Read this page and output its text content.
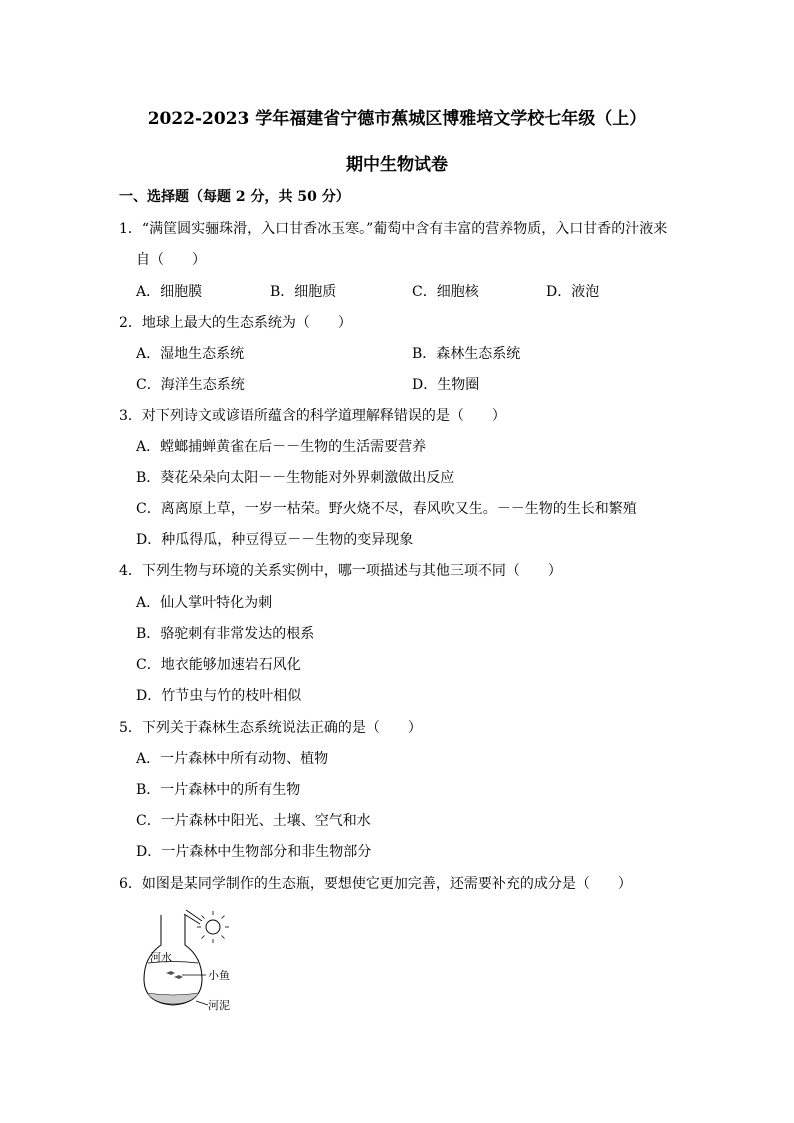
2022-2023 学年福建省宁德市蕉城区博雅培文学校七年级（上）
期中生物试卷
一、选择题（每题 2 分，共 50 分）
1．“满筐圆实骊珠滑，入口甘香冰玉寒。”葡萄中含有丰富的营养物质，入口甘香的汁液来
自（　　）
A．细胞膜	B．细胞质	C．细胞核	D．液泡
2．地球上最大的生态系统为（　　）
A．湿地生态系统	B．森林生态系统
C．海洋生态系统	D．生物圈
3．对下列诗文或谚语所蕴含的科学道理解释错误的是（　　）
A．螳螂捕蝉黄雀在后－－生物的生活需要营养
B．葵花朵朵向太阳－－生物能对外界刺激做出反应
C．离离原上草，一岁一枯荣。野火烧不尽，春风吹又生。－－生物的生长和繁殖
D．种瓜得瓜，种豆得豆－－生物的变异现象
4．下列生物与环境的关系实例中，哪一项描述与其他三项不同（　　）
A．仙人掌叶特化为刺
B．骆驼刺有非常发达的根系
C．地衣能够加速岩石风化
D．竹节虫与竹的枝叶相似
5．下列关于森林生态系统说法正确的是（　　）
A．一片森林中所有动物、植物
B．一片森林中的所有生物
C．一片森林中阳光、土壤、空气和水
D．一片森林中生物部分和非生物部分
6．如图是某同学制作的生态瓶，要想使它更加完善，还需要补充的成分是（　　）
河水
小鱼
河泥
